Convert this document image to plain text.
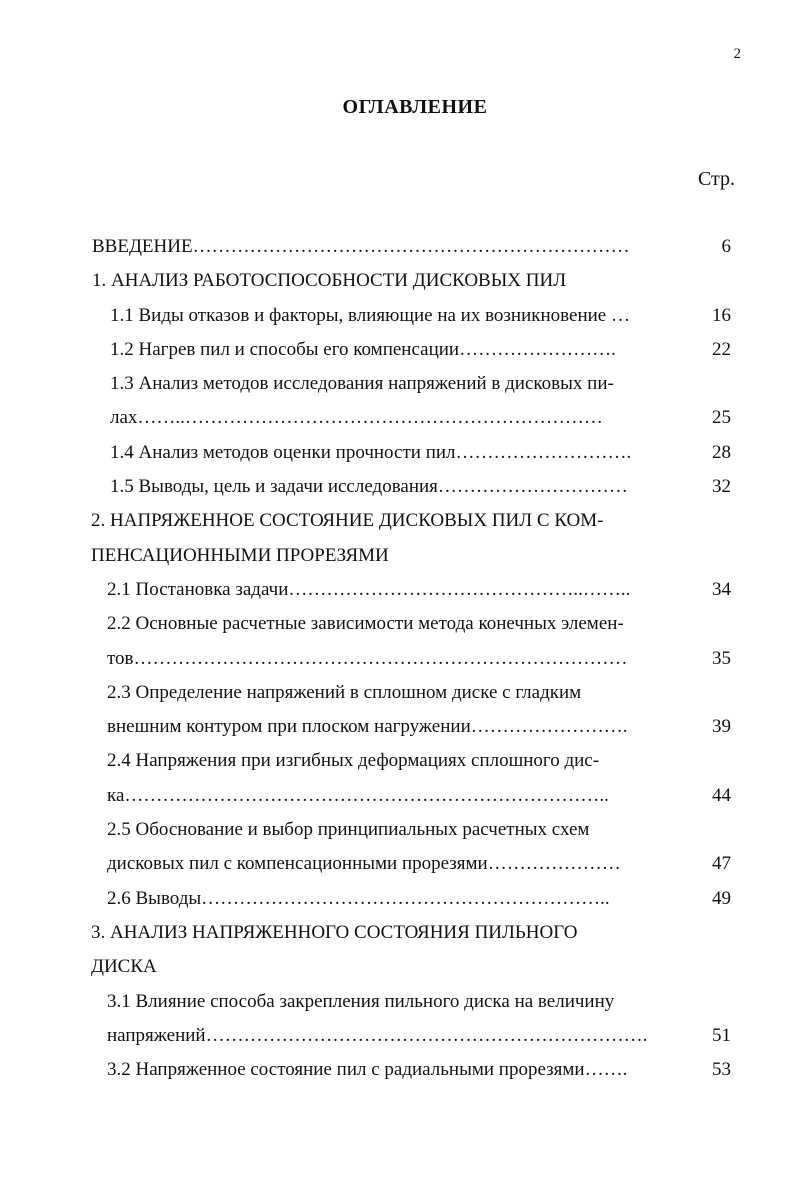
2
ОГЛАВЛЕНИЕ
Стр.
ВВЕДЕНИЕ……………………………………………………………	6
1. АНАЛИЗ РАБОТОСПОСОБНОСТИ ДИСКОВЫХ ПИЛ
1.1 Виды отказов и факторы, влияющие на их возникновение …	16
1.2 Нагрев пил и способы его компенсации…………………….	22
1.3 Анализ методов исследования напряжений в дисковых пи-
лах……..…………………………………………………………	25
1.4 Анализ методов оценки прочности пил……………………….	28
1.5 Выводы, цель и задачи исследования…………………………	32
2. НАПРЯЖЕННОЕ СОСТОЯНИЕ ДИСКОВЫХ ПИЛ С КОМ-
ПЕНСАЦИОННЫМИ ПРОРЕЗЯМИ
2.1 Постановка задачи………………………………………..……..	34
2.2 Основные расчетные зависимости метода конечных элемен-
тов……………………………………………………………………	35
2.3 Определение напряжений в сплошном диске с гладким
внешним контуром при плоском нагружении…………………….	39
2.4 Напряжения при изгибных деформациях сплошного дис-
ка…………………………………………………………………..	44
2.5 Обоснование и выбор принципиальных расчетных схем
дисковых пил с компенсационными прорезями…………………	47
2.6 Выводы………………………………………………………..	49
3. АНАЛИЗ НАПРЯЖЕННОГО СОСТОЯНИЯ ПИЛЬНОГО
ДИСКА
3.1 Влияние способа закрепления пильного диска на величину
напряжений…………………………………………………………….	51
3.2 Напряженное состояние пил с радиальными прорезями…….	53
